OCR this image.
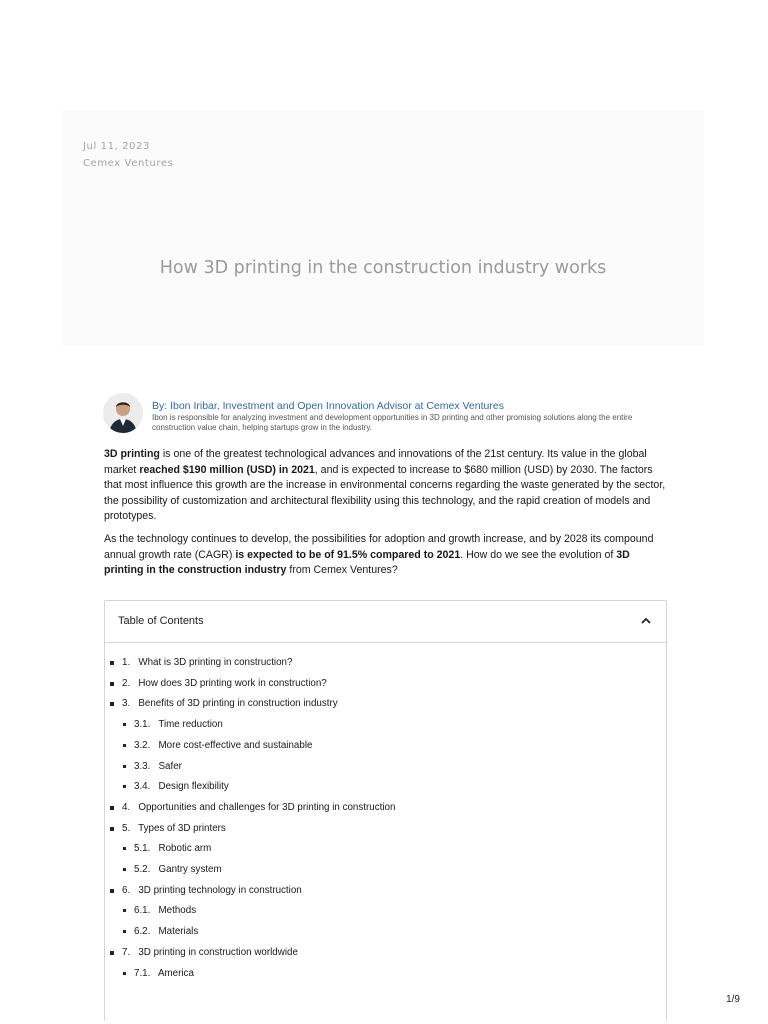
Jul 11, 2023
Cemex Ventures
How 3D printing in the construction industry works
By: Ibon Iribar, Investment and Open Innovation Advisor at Cemex Ventures
Ibon is responsible for analyzing investment and development opportunities in 3D printing and other promising solutions along the entire construction value chain, helping startups grow in the industry.

3D printing is one of the greatest technological advances and innovations of the 21st century. Its value in the global market reached $190 million (USD) in 2021, and is expected to increase to $680 million (USD) by 2030. The factors that most influence this growth are the increase in environmental concerns regarding the waste generated by the sector, the possibility of customization and architectural flexibility using this technology, and the rapid creation of models and prototypes.

As the technology continues to develop, the possibilities for adoption and growth increase, and by 2028 its compound annual growth rate (CAGR) is expected to be of 91.5% compared to 2021. How do we see the evolution of 3D printing in the construction industry from Cemex Ventures?

Table of Contents
1.   What is 3D printing in construction?
2.   How does 3D printing work in construction?
3.   Benefits of 3D printing in construction industry
3.1.   Time reduction
3.2.   More cost-effective and sustainable
3.3.   Safer
3.4.   Design flexibility
4.   Opportunities and challenges for 3D printing in construction
5.   Types of 3D printers
5.1.   Robotic arm
5.2.   Gantry system
6.   3D printing technology in construction
6.1.   Methods
6.2.   Materials
7.   3D printing in construction worldwide
7.1.   America
1/9
